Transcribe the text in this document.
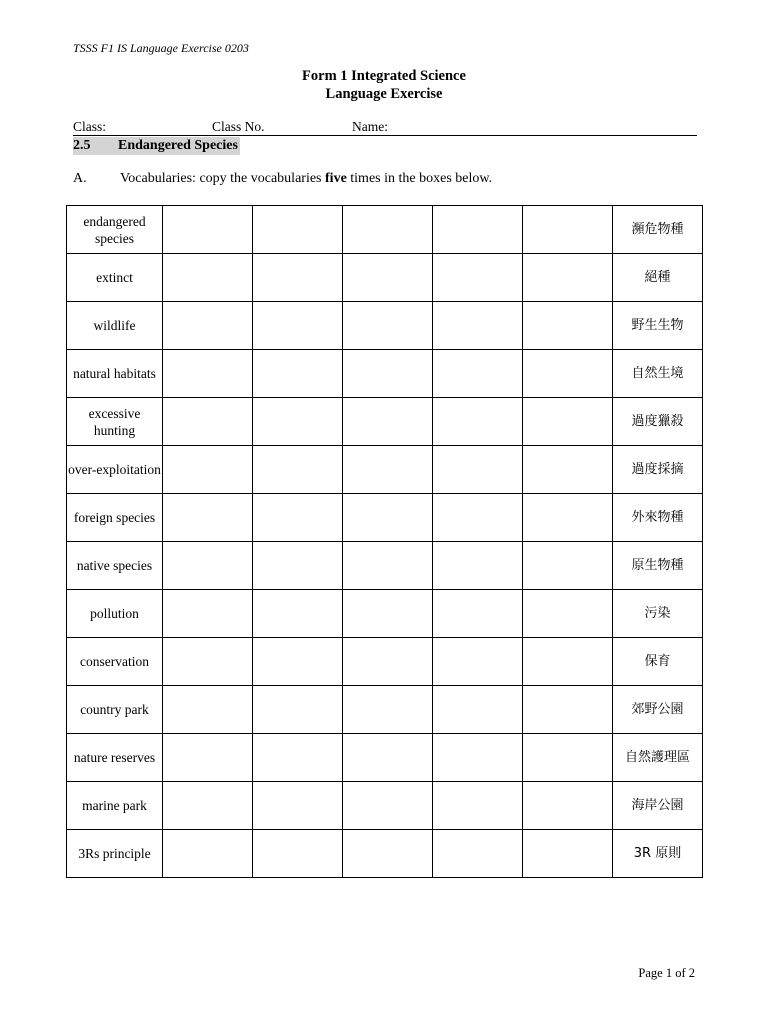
TSSS F1 IS Language Exercise 0203
Form 1 Integrated Science
Language Exercise
Class:	Class No.	Name:
2.5 Endangered Species
A. Vocabularies: copy the vocabularies five times in the boxes below.
endangered species						瀕危物種
extinct						絕種
wildlife						野生生物
natural habitats						自然生境
excessive hunting						過度獵殺
over-exploitation						過度採摘
foreign species						外來物種
native species						原生物種
pollution						污染
conservation						保育
country park						郊野公園
nature reserves						自然護理區
marine park						海岸公園
3Rs principle						3R 原則
Page 1 of 2
